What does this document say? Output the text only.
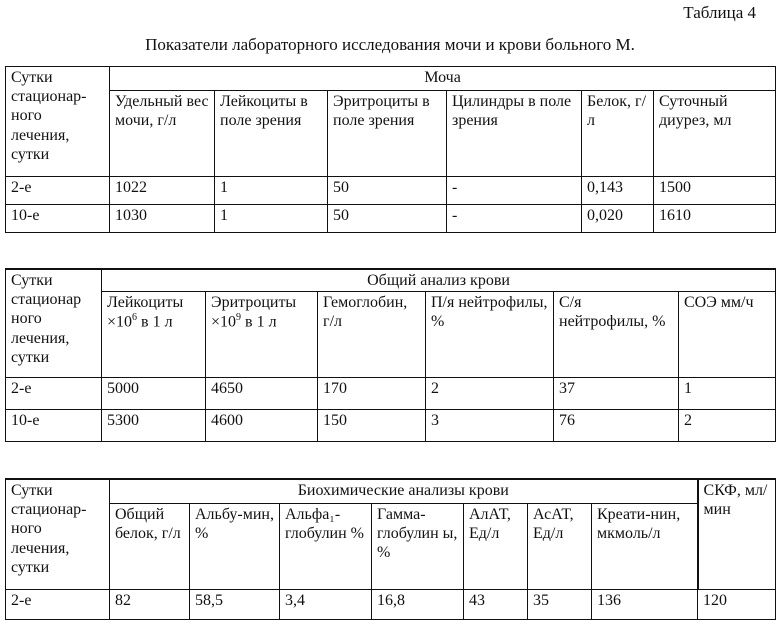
Таблица 4
Показатели лабораторного исследования мочи и крови больного М.
Сутки стационар-ного лечения, сутки	Моча					
	Удельный вес мочи, г/л	Лейкоциты в поле зрения	Эритроциты в поле зрения	Цилиндры в поле зрения	Белок, г/л	Суточный диурез, мл
2-е	1022	1	50	-	0,143	1500
10-е	1030	1	50	-	0,020	1610
Сутки стационар ного лечения, сутки	Общий анализ крови					
	Лейкоциты $\times 10^6$ в 1 л	Эритроциты $\times 10^9$ в 1 л	Гемоглобин, г/л	П/я нейтрофилы, %	С/я нейтрофилы, %	СОЭ мм/ч
2-е	5000	4650	170	2	37	1
10-е	5300	4600	150	3	76	2
Сутки стационар-ного лечения, сутки	Биохимические анализы крови							СКФ, мл/мин
	Общий белок, г/л	Альбу-мин, %	Альфа₁-глобулин %	Гамма-глобулин ы, %	АлАТ, Ед/л	АсАТ, Ед/л	Креати-нин, мкмоль/л	
2-е	82	58,5	3,4	16,8	43	35	136	120
